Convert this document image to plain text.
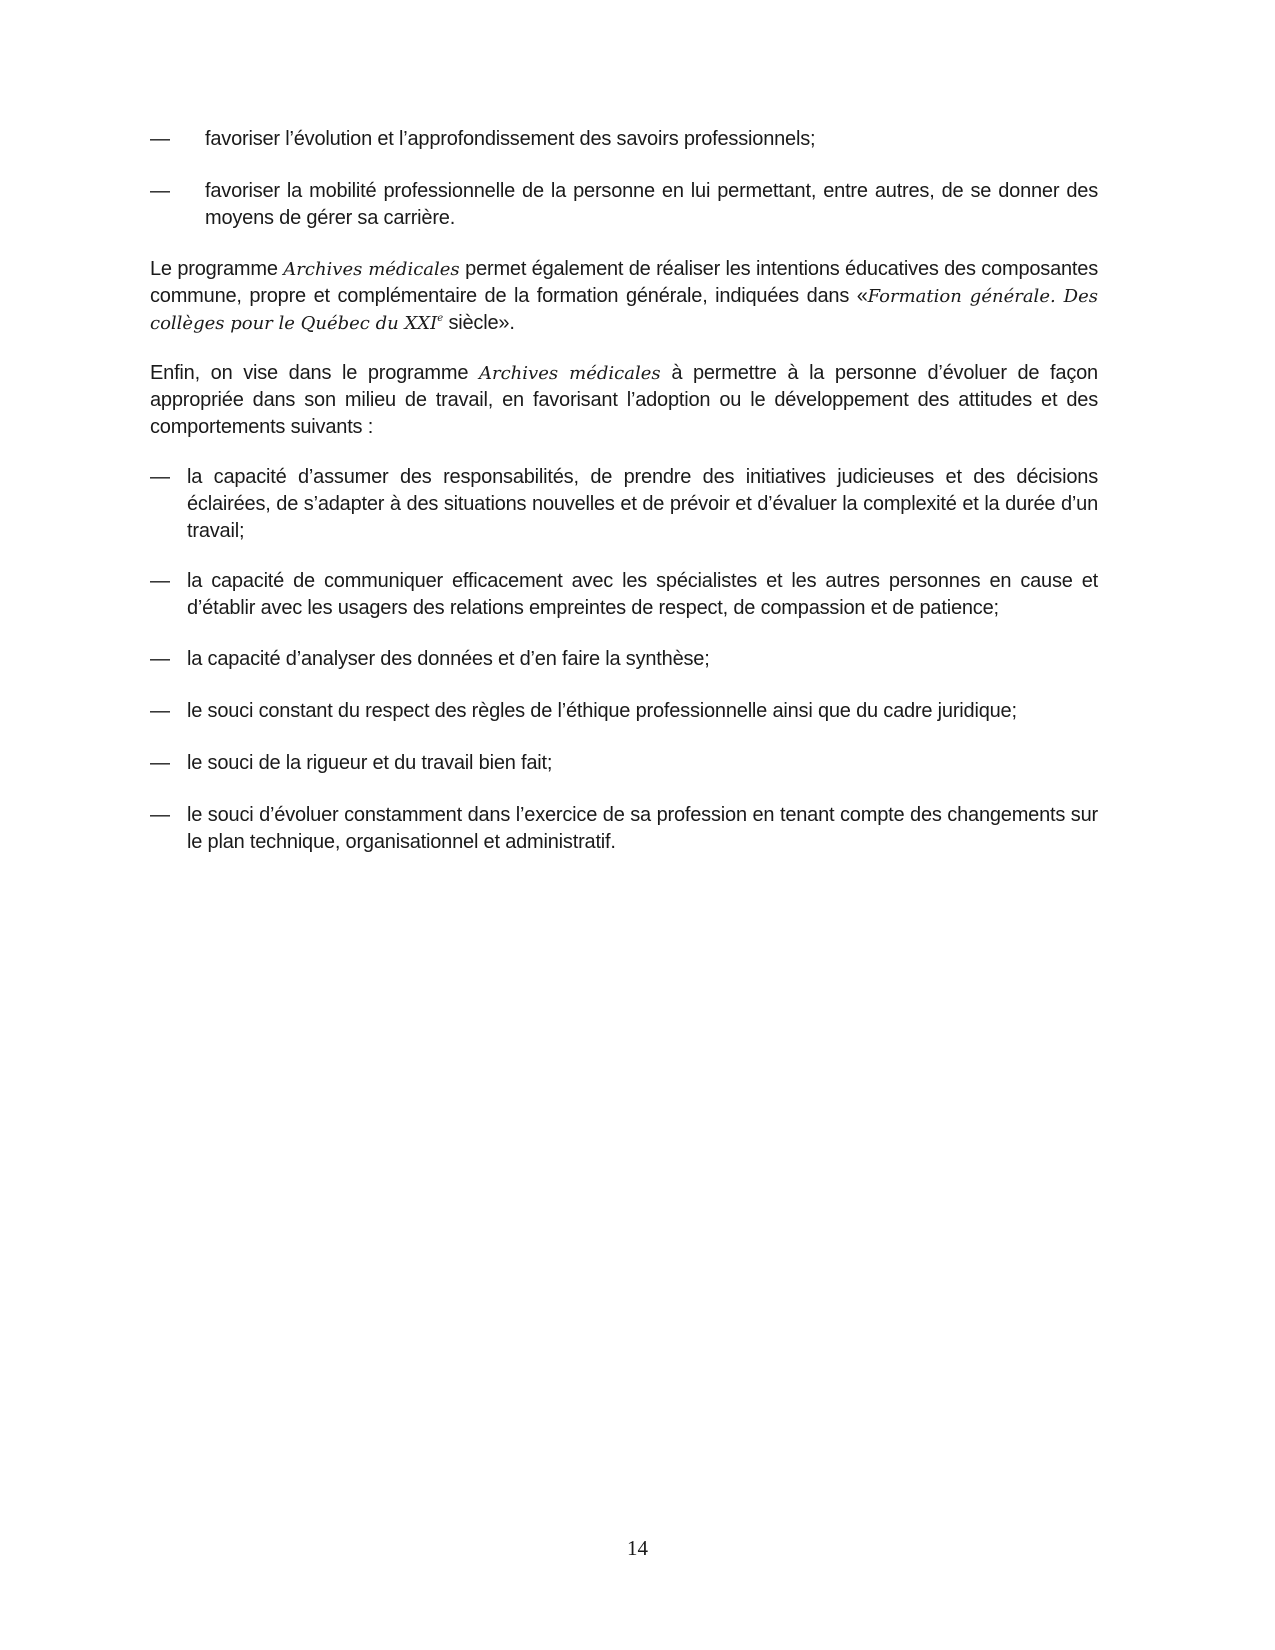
— favoriser l’évolution et l’approfondissement des savoirs professionnels;
— favoriser la mobilité professionnelle de la personne en lui permettant, entre autres, de se donner des moyens de gérer sa carrière.

Le programme Archives médicales permet également de réaliser les intentions éducatives des composantes commune, propre et complémentaire de la formation générale, indiquées dans «Formation générale. Des collèges pour le Québec du XXIe siècle».

Enfin, on vise dans le programme Archives médicales à permettre à la personne d’évoluer de façon appropriée dans son milieu de travail, en favorisant l’adoption ou le développement des attitudes et des comportements suivants :

— la capacité d’assumer des responsabilités, de prendre des initiatives judicieuses et des décisions éclairées, de s’adapter à des situations nouvelles et de prévoir et d’évaluer la complexité et la durée d’un travail;
— la capacité de communiquer efficacement avec les spécialistes et les autres personnes en cause et d’établir avec les usagers des relations empreintes de respect, de compassion et de patience;
— la capacité d’analyser des données et d’en faire la synthèse;
— le souci constant du respect des règles de l’éthique professionnelle ainsi que du cadre juridique;
— le souci de la rigueur et du travail bien fait;
— le souci d’évoluer constamment dans l’exercice de sa profession en tenant compte des changements sur le plan technique, organisationnel et administratif.
14
